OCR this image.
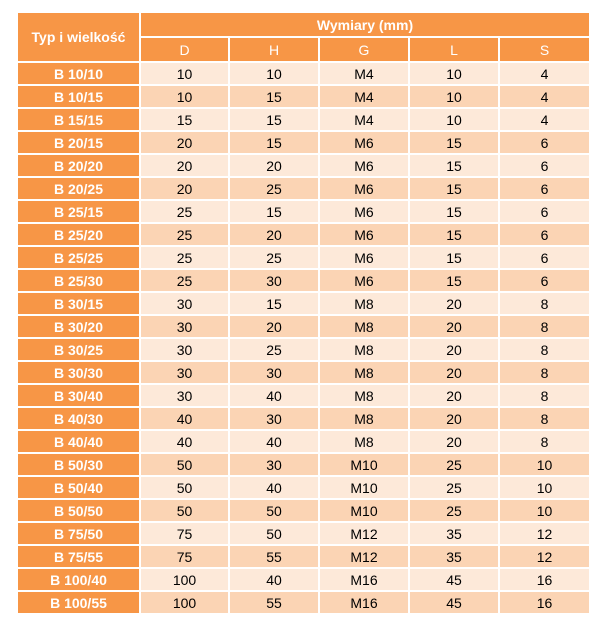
Typ i wielkość	Wymiary (mm)				
	D	H	G	L	S
B 10/10	10	10	M4	10	4
B 10/15	10	15	M4	10	4
B 15/15	15	15	M4	10	4
B 20/15	20	15	M6	15	6
B 20/20	20	20	M6	15	6
B 20/25	20	25	M6	15	6
B 25/15	25	15	M6	15	6
B 25/20	25	20	M6	15	6
B 25/25	25	25	M6	15	6
B 25/30	25	30	M6	15	6
B 30/15	30	15	M8	20	8
B 30/20	30	20	M8	20	8
B 30/25	30	25	M8	20	8
B 30/30	30	30	M8	20	8
B 30/40	30	40	M8	20	8
B 40/30	40	30	M8	20	8
B 40/40	40	40	M8	20	8
B 50/30	50	30	M10	25	10
B 50/40	50	40	M10	25	10
B 50/50	50	50	M10	25	10
B 75/50	75	50	M12	35	12
B 75/55	75	55	M12	35	12
B 100/40	100	40	M16	45	16
B 100/55	100	55	M16	45	16
